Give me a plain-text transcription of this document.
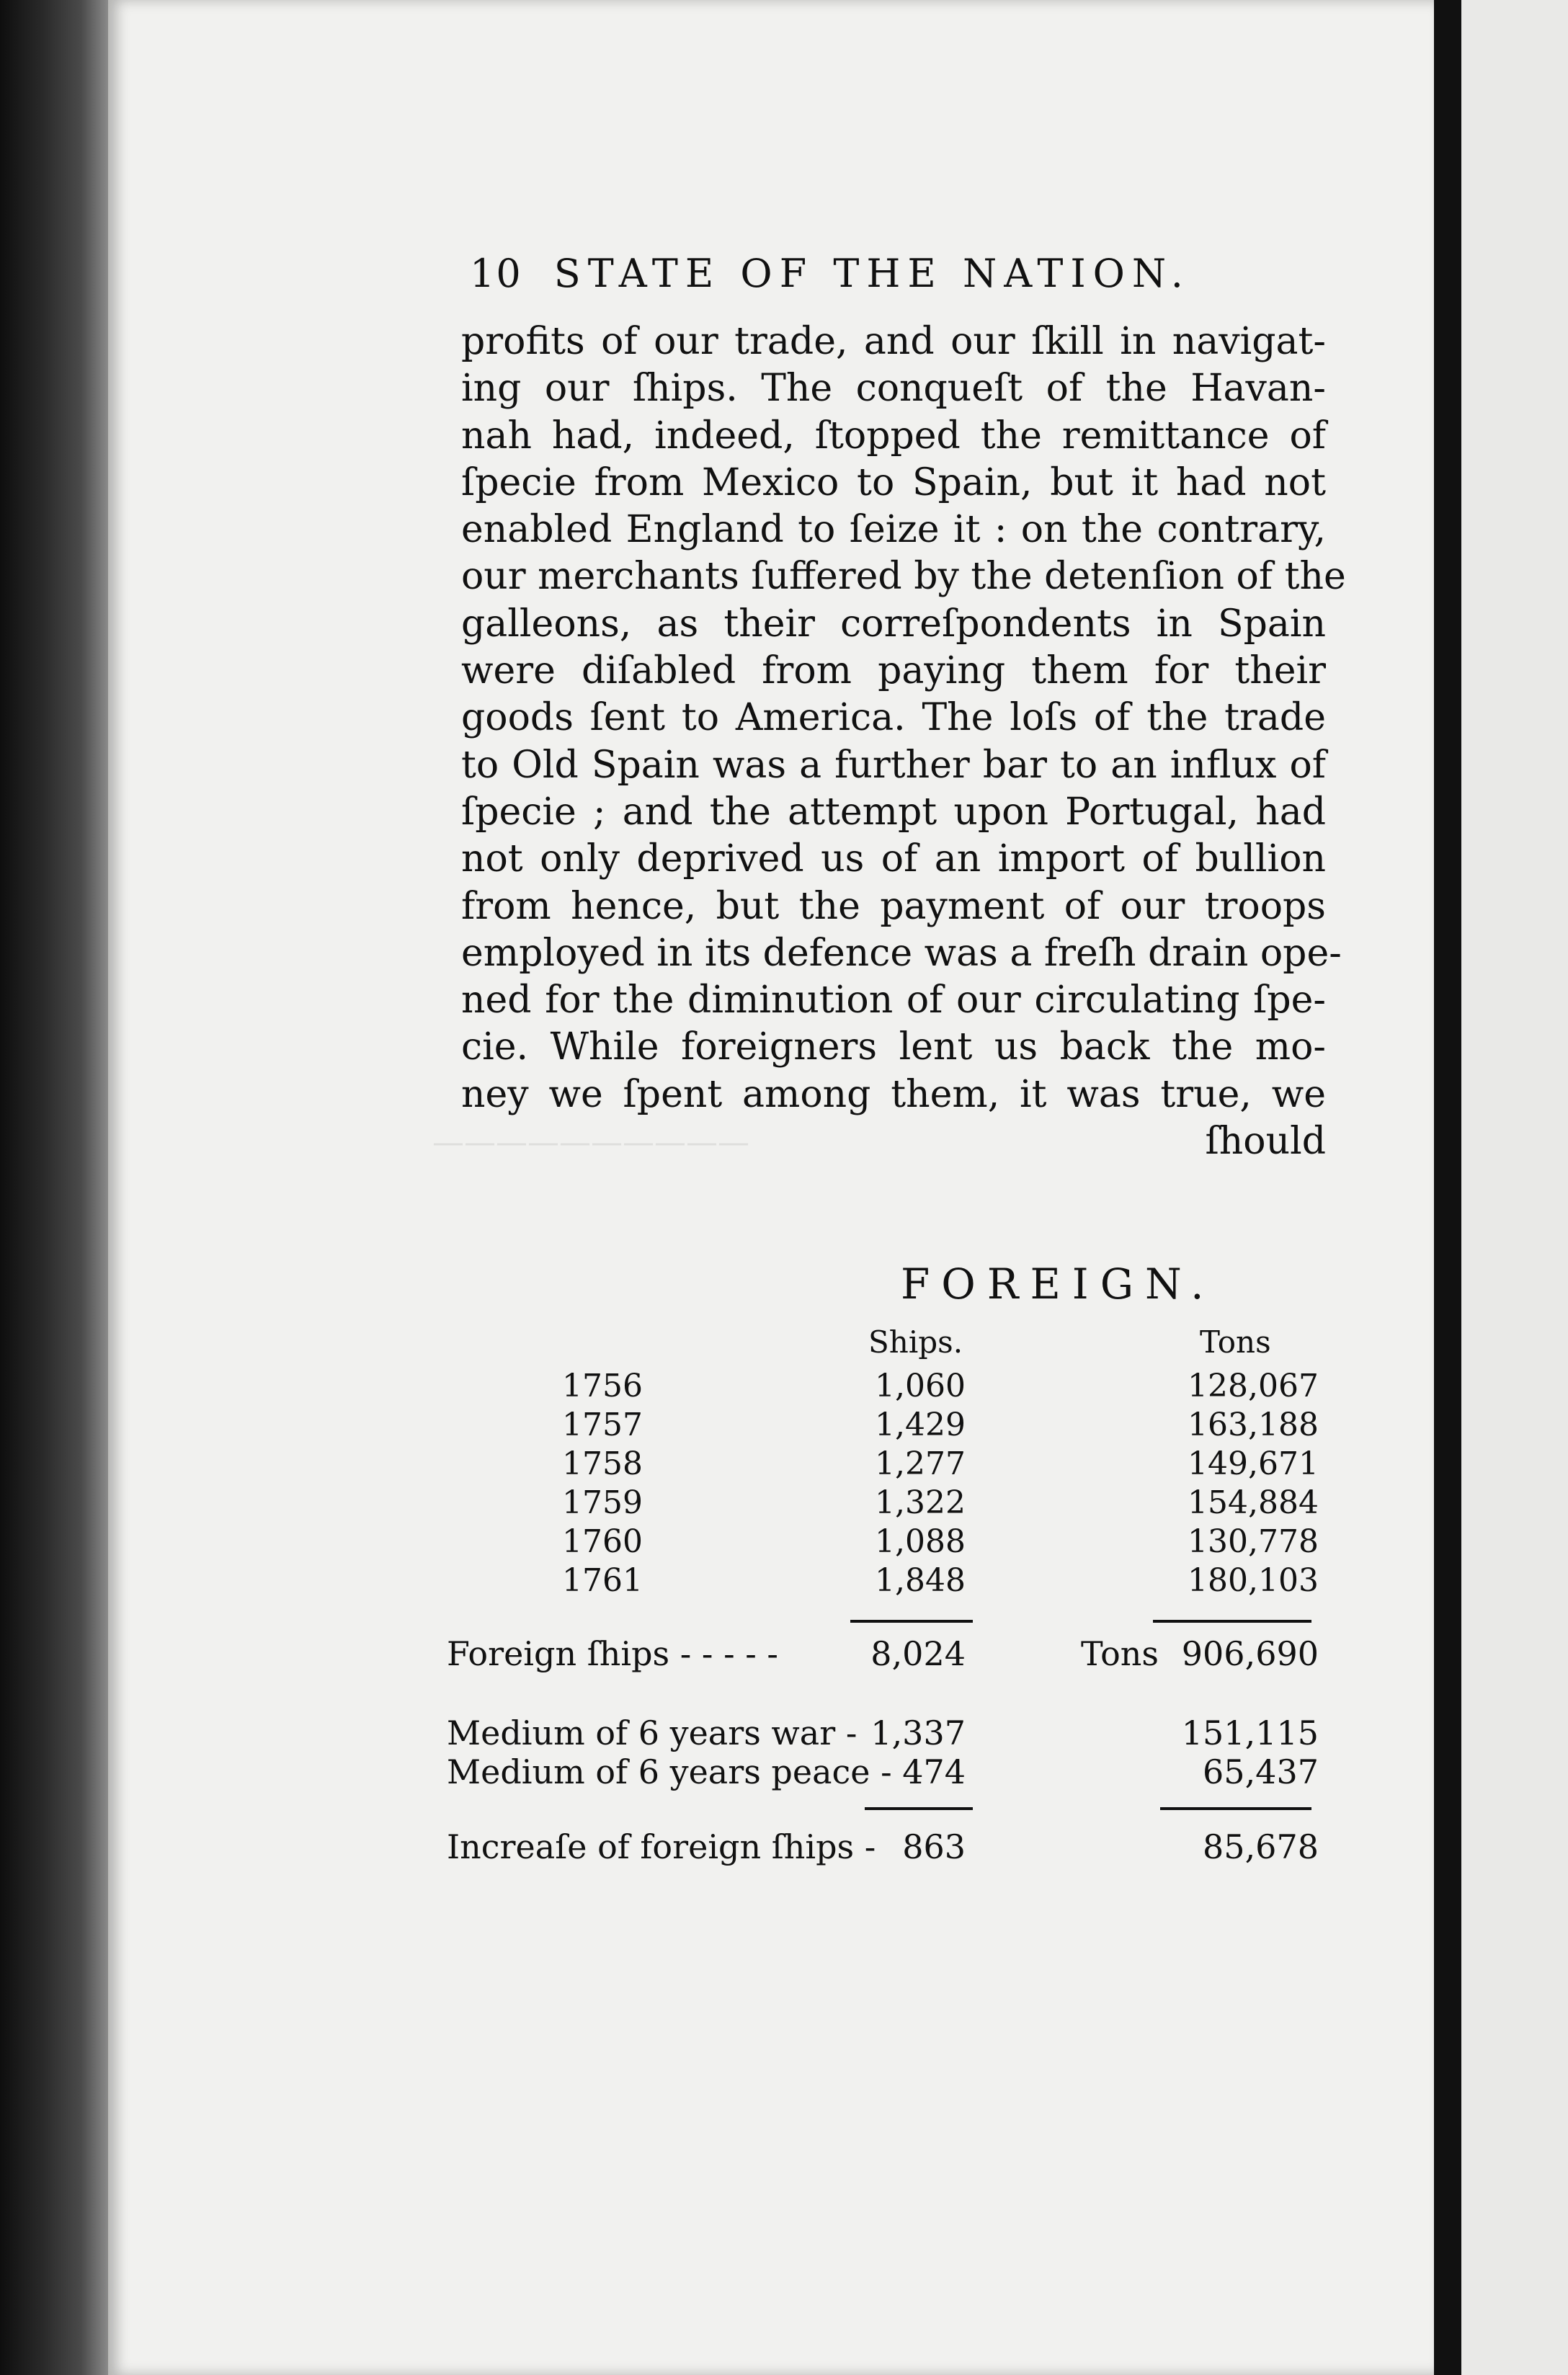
——————————
10 STATE OF THE NATION.
profits of our trade, and our ſkill in navigat-
ing our ſhips. The conqueſt of the Havan-
nah had, indeed, ſtopped the remittance of
ſpecie from Mexico to Spain, but it had not
enabled England to ſeize it : on the contrary,
our merchants ſuffered by the detenſion of the
galleons, as their correſpondents in Spain
were diſabled from paying them for their
goods ſent to America. The loſs of the trade
to Old Spain was a further bar to an influx of
ſpecie ; and the attempt upon Portugal, had
not only deprived us of an import of bullion
from hence, but the payment of our troops
employed in its defence was a freſh drain ope-
ned for the diminution of our circulating ſpe-
cie. While foreigners lent us back the mo-
ney we ſpent among them, it was true, we
ſhould
FOREIGN.
Ships.	Tons
1756	1,060	128,067
1757	1,429	163,188
1758	1,277	149,671
1759	1,322	154,884
1760	1,088	130,778
1761	1,848	180,103
Foreign ſhips - - - - -	8,024	Tons 906,690
Medium of 6 years war - 1,337	151,115
Medium of 6 years peace - 474	65,437
Increaſe of foreign ſhips - 863	85,678
